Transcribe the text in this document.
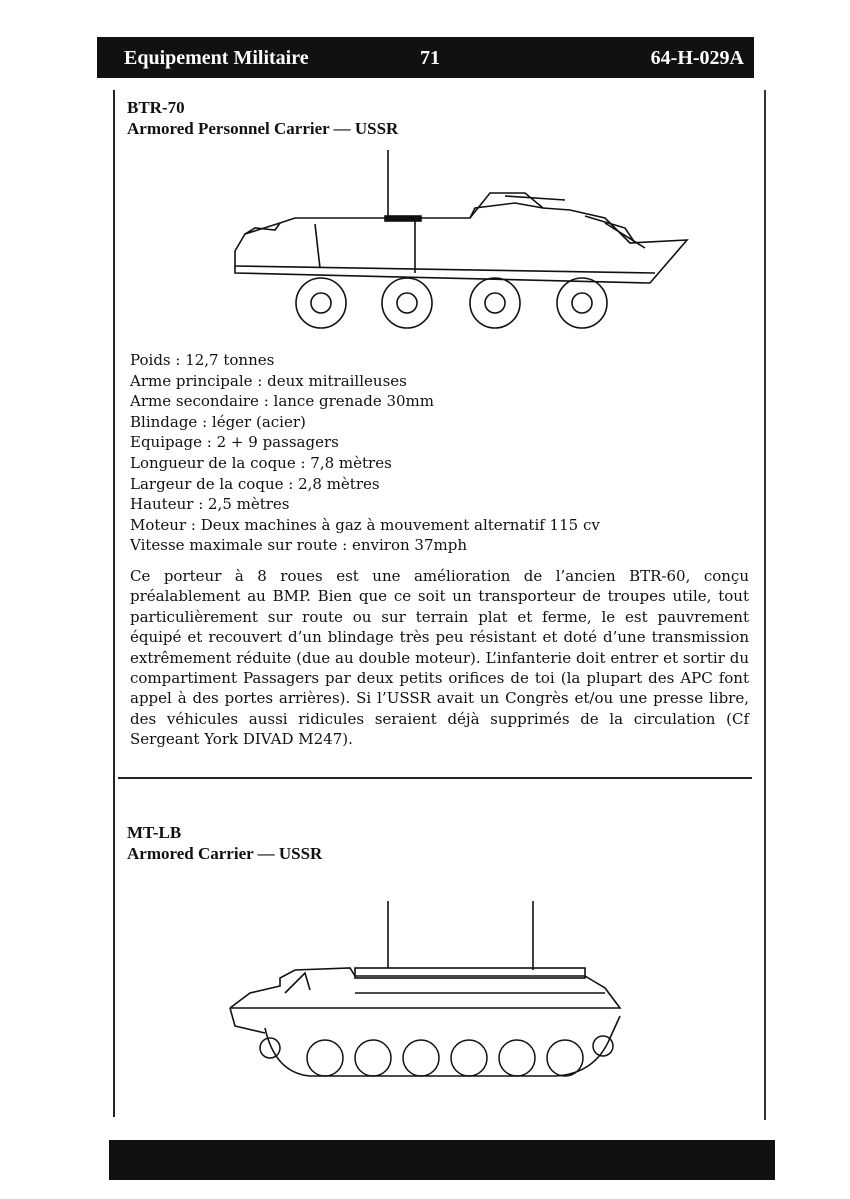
Equipement Militaire	71	64-H-029A
BTR-70
Armored Personnel Carrier — USSR
Poids : 12,7 tonnes
Arme principale : deux mitrailleuses
Arme secondaire : lance grenade 30mm
Blindage : léger (acier)
Equipage : 2 + 9 passagers
Longueur de la coque : 7,8 mètres
Largeur de la coque : 2,8 mètres
Hauteur : 2,5 mètres
Moteur : Deux machines à gaz à mouvement alternatif 115 cv
Vitesse maximale sur route : environ 37mph
Ce porteur à 8 roues est une amélioration de l’ancien BTR-60, conçu préalablement au BMP. Bien que ce soit un transporteur de troupes utile, tout particulièrement sur route ou sur terrain plat et ferme, le est pauvrement équipé et recouvert d’un blindage très peu résistant et doté d’une transmission extrêmement réduite (due au double moteur). L’infanterie doit entrer et sortir du compartiment Passagers par deux petits orifices de toi (la plupart des APC font appel à des portes arrières). Si l’USSR avait un Congrès et/ou une presse libre, des véhicules aussi ridicules seraient déjà supprimés de la circulation (Cf Sergeant York DIVAD M247).
MT-LB
Armored Carrier — USSR
